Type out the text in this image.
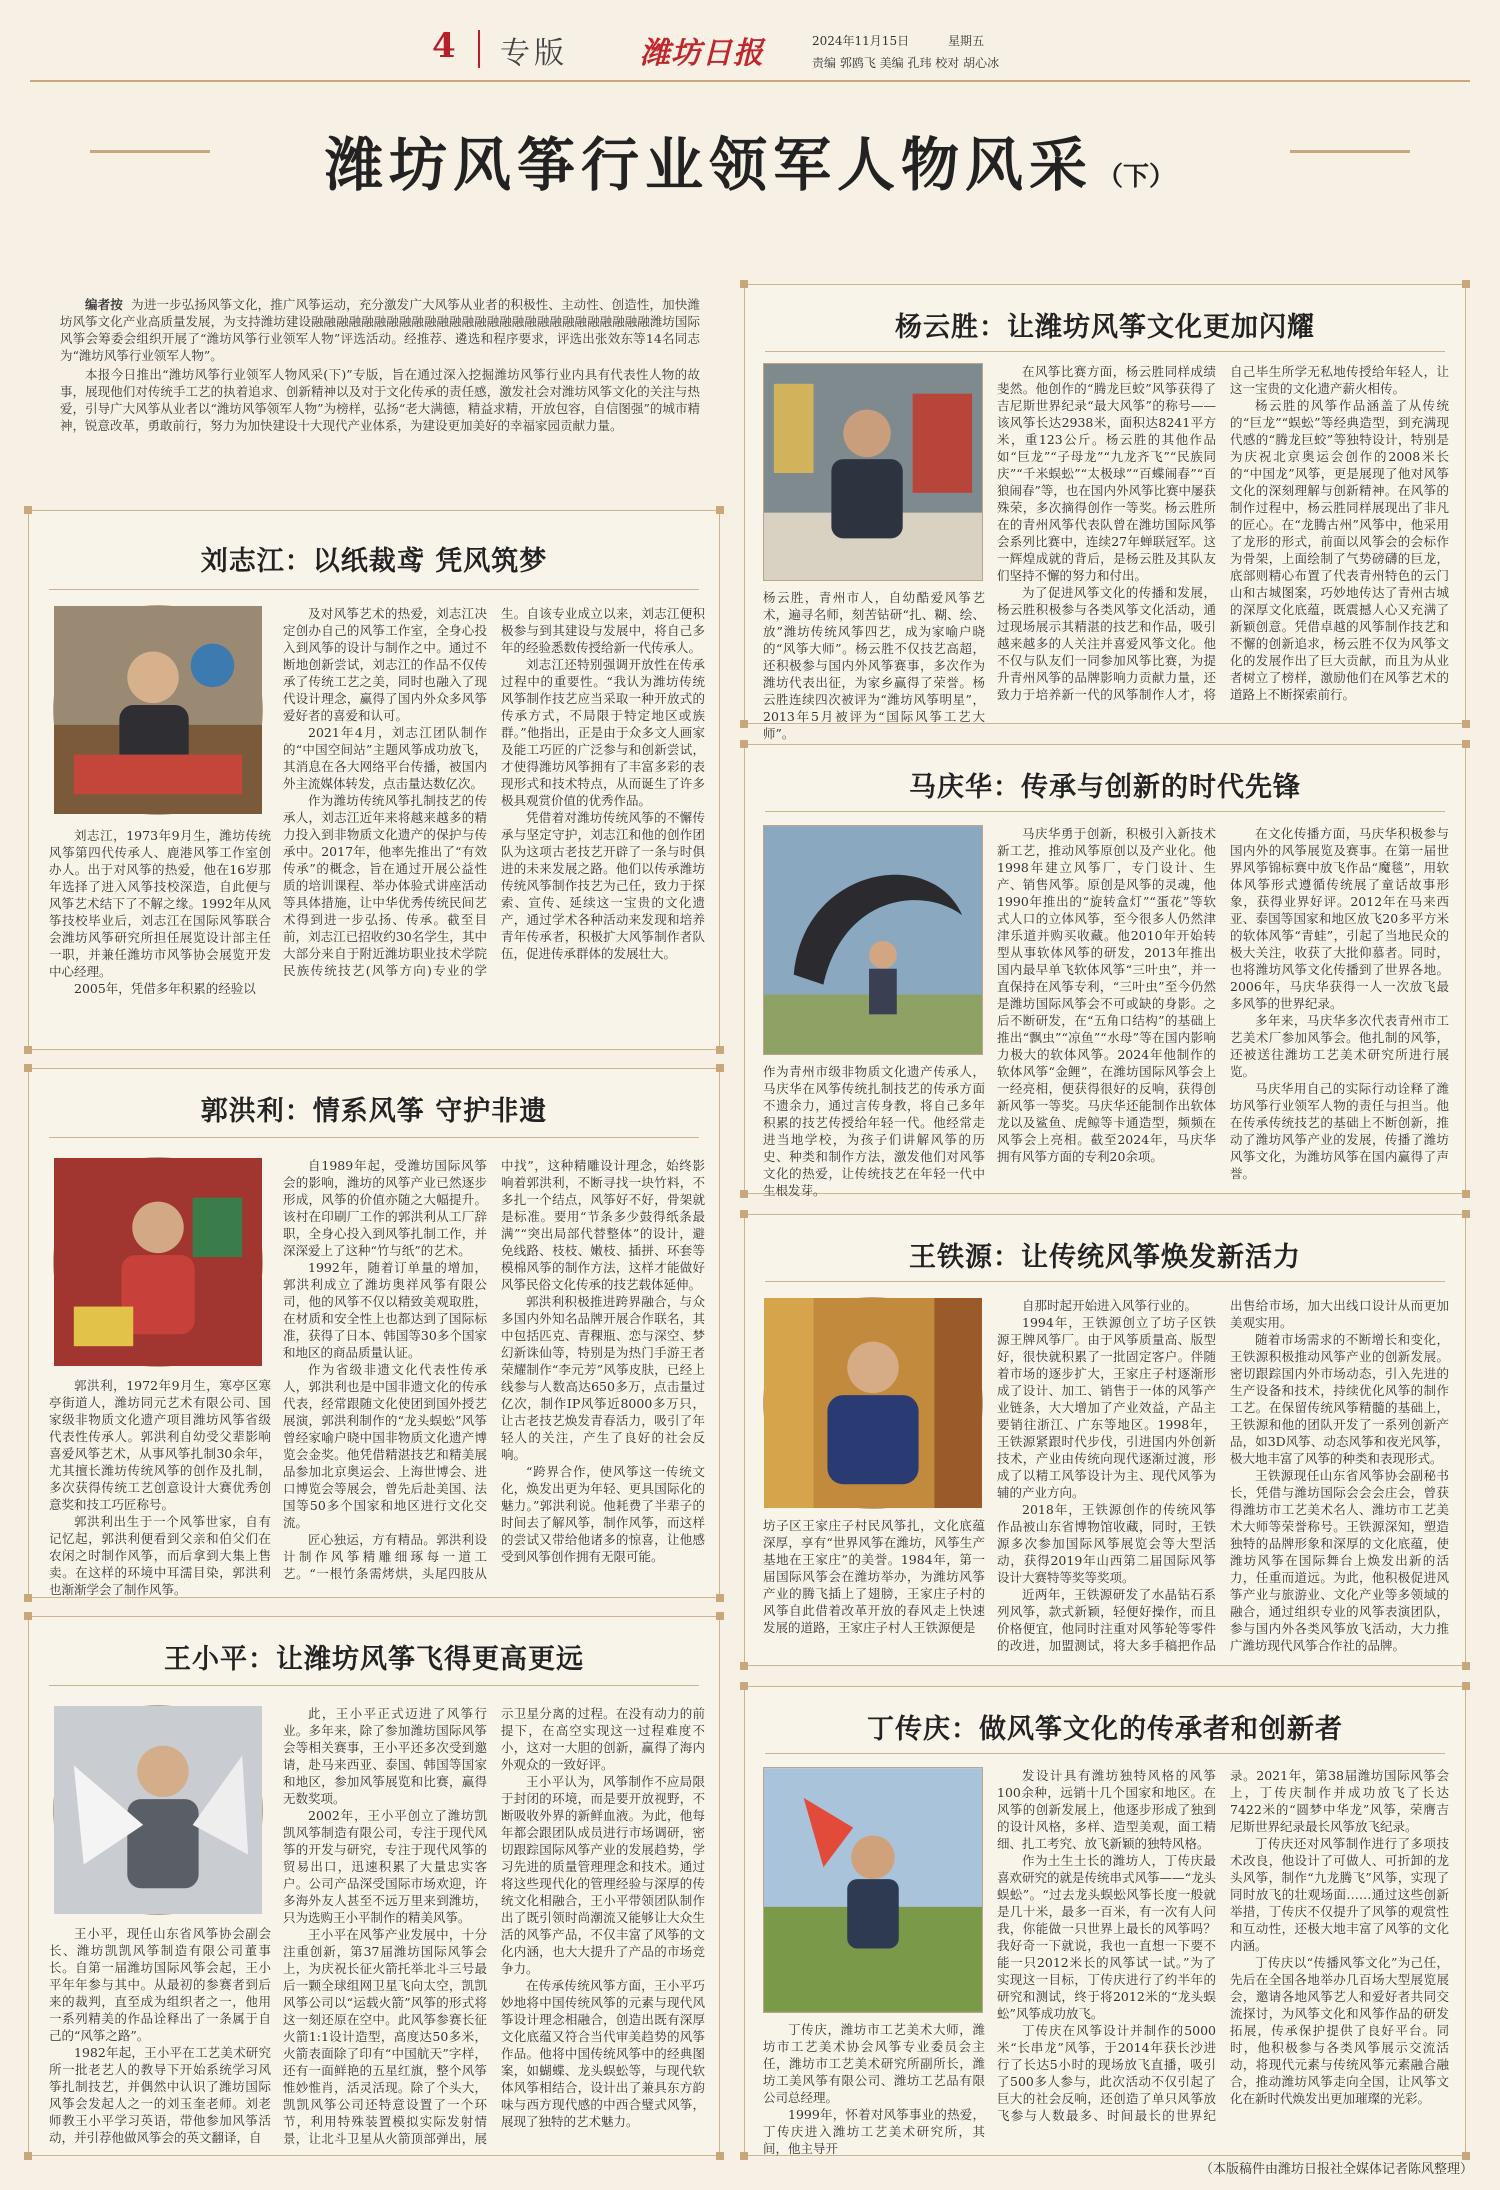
4 专版 潍坊日报	2024年11月15日	星期五
责编 郭鸥飞 美编 孔玮 校对 胡心冰
潍坊风筝行业领军人物风采 （下）

编者按 为进一步弘扬风筝文化，推广风筝运动，充分激发广大风筝从业者的积极性、主动性、创造性，加快潍坊风筝文化产业高质量发展，为支持潍坊建设融融融融融融融融融融融融融融融融融融融融融融融融融融融潍坊国际风筝会筹委会组织开展了“潍坊风筝行业领军人物”评选活动。经推荐、遴选和程序要求，评选出张效东等14名同志为“潍坊风筝行业领军人物”。

本报今日推出“潍坊风筝行业领军人物风采(下)”专版，旨在通过深入挖掘潍坊风筝行业内具有代表性人物的故事，展现他们对传统手工艺的执着追求、创新精神以及对于文化传承的责任感，激发社会对潍坊风筝文化的关注与热爱，引导广大风筝从业者以“潍坊风筝领军人物”为榜样，弘扬“老大满德，精益求精，开放包容，自信图强”的城市精神，锐意改革，勇敢前行，努力为加快建设十大现代产业体系，为建设更加美好的幸福家园贡献力量。

刘志江：以纸裁鸢 凭风筑梦

刘志江，1973年9月生，潍坊传统风筝第四代传承人、鹿港风筝工作室创办人。出于对风筝的热爱，他在16岁那年选择了进入风筝技校深造，自此便与风筝艺术结下了不解之缘。1992年从风筝技校毕业后，刘志江在国际风筝联合会潍坊风筝研究所担任展览设计部主任一职，并兼任潍坊市风筝协会展览开发中心经理。

2005年，凭借多年积累的经验以

及对风筝艺术的热爱，刘志江决定创办自己的风筝工作室，全身心投入到风筝的设计与制作之中。通过不断地创新尝试，刘志江的作品不仅传承了传统工艺之美，同时也融入了现代设计理念，赢得了国内外众多风筝爱好者的喜爱和认可。

2021年4月，刘志江团队制作的“中国空间站”主题风筝成功放飞，其消息在各大网络平台传播，被国内外主流媒体转发，点击量达数亿次。

作为潍坊传统风筝扎制技艺的传承人，刘志江近年来将越来越多的精力投入到非物质文化遗产的保护与传承中。2017年，他率先推出了“有效传承”的概念，旨在通过开展公益性质的培训课程、举办体验式讲座活动等具体措施，让中华优秀传统民间艺术得到进一步弘扬、传承。截至目前，刘志江已招收约30名学生，其中大部分来自于附近潍坊职业技术学院民族传统技艺(风筝方向)专业的学生。自该专业成立以来，刘志江便积极参与到其建设与发展中，将自己多年的经验悉数传授给新一代传承人。

刘志江还特别强调开放性在传承过程中的重要性。“我认为潍坊传统风筝制作技艺应当采取一种开放式的传承方式，不局限于特定地区或族群。”他指出，正是由于众多文人画家及能工巧匠的广泛参与和创新尝试，才使得潍坊风筝拥有了丰富多彩的表现形式和技术特点，从而诞生了许多极具观赏价值的优秀作品。

凭借着对潍坊传统风筝的不懈传承与坚定守护，刘志江和他的创作团队为这项古老技艺开辟了一条与时俱进的未来发展之路。他们以传承潍坊传统风筝制作技艺为己任，致力于探索、宣传、延续这一宝贵的文化遗产，通过学术各种活动来发现和培养青年传承者，积极扩大风筝制作者队伍，促进传承群体的发展壮大。

郭洪利：情系风筝 守护非遗

郭洪利，1972年9月生，寒亭区寒亭街道人，潍坊同元艺术有限公司、国家级非物质文化遗产项目潍坊风筝省级代表性传承人。郭洪利自幼受父辈影响喜爱风筝艺术，从事风筝扎制30余年，尤其擅长潍坊传统风筝的创作及扎制，多次获得传统工艺创意设计大赛优秀创意奖和技工巧匠称号。

郭洪利出生于一个风筝世家，自有记忆起，郭洪利便看到父亲和伯父们在农闲之时制作风筝，而后拿到大集上售卖。在这样的环境中耳濡目染，郭洪利也渐渐学会了制作风筝。

自1989年起，受潍坊国际风筝会的影响，潍坊的风筝产业已然逐步形成，风筝的价值亦随之大幅提升。该村在印刷厂工作的郭洪利从工厂辞职，全身心投入到风筝扎制工作，并深深爱上了这种“竹与纸”的艺术。

1992年，随着订单量的增加，郭洪利成立了潍坊奥祥风筝有限公司，他的风筝不仅以精致美观取胜，在材质和安全性上也都达到了国际标准，获得了日本、韩国等30多个国家和地区的商品质量认证。

作为省级非遗文化代表性传承人，郭洪利也是中国非遗文化的传承代表，经常跟随文化使团到国外授艺展演，郭洪利制作的“龙头蜈蚣”风筝曾经家喻户晓中国非物质文化遗产博览会金奖。他凭借精湛技艺和精美展品参加北京奥运会、上海世博会、进口博览会等展会，曾先后赴美国、法国等50多个国家和地区进行文化交流。

匠心独运，方有精品。郭洪利设计制作风筝精雕细琢每一道工艺。“一根竹条需烤烘，头尾四肢从中找”，这种精雕设计理念，始终影响着郭洪利，不断寻找一块竹料，不多扎一个结点，风筝好不好，骨架就是标准。要用“节条多少鼓得纸条最满”“突出局部代替整体”的设计，避免线路、枝枝、嫩枝、插拼、环套等模棉风筝的制作方法，这样才能做好风筝民俗文化传承的技艺载体延伸。

郭洪利积极推进跨界融合，与众多国内外知名品牌开展合作联名，其中包括匹克、青稞瓶、恋与深空、梦幻新诛仙等，特别是为热门手游王者荣耀制作“李元芳”风筝皮肤，已经上线参与人数高达650多万，点击量过亿次，制作IP风筝近8000多万只，让古老技艺焕发青春活力，吸引了年轻人的关注，产生了良好的社会反响。

“跨界合作，使风筝这一传统文化，焕发出更为年轻、更具国际化的魅力。”郭洪利说。他耗费了半辈子的时间去了解风筝，制作风筝，而这样的尝试又带给他诸多的惊喜，让他感受到风筝创作拥有无限可能。

王小平：让潍坊风筝飞得更高更远

王小平，现任山东省风筝协会副会长、潍坊凯凯风筝制造有限公司董事长。自第一届潍坊国际风筝会起，王小平年年参与其中。从最初的参赛者到后来的裁判，直至成为组织者之一，他用一系列精美的作品诠释出了一条属于自己的“风筝之路”。

1982年起，王小平在工艺美术研究所一批老艺人的教导下开始系统学习风筝扎制技艺，并偶然中认识了潍坊国际风筝会发起人之一的刘玉奎老师。刘老师教王小平学习英语，带他参加风筝活动，并引荐他做风筝会的英文翻译，自

此，王小平正式迈进了风筝行业。多年来，除了参加潍坊国际风筝会等相关赛事，王小平还多次受到邀请，赴马来西亚、泰国、韩国等国家和地区，参加风筝展览和比赛，赢得无数奖项。

2002年，王小平创立了潍坊凯凯风筝制造有限公司，专注于现代风筝的开发与研究，专注于现代风筝的贸易出口，迅速积累了大量忠实客户。公司产品深受国际市场欢迎，许多海外友人甚至不远万里来到潍坊，只为选购王小平制作的精美风筝。

王小平在风筝产业发展中，十分注重创新，第37届潍坊国际风筝会上，为庆祝长征火箭托举北斗三号最后一颗全球组网卫星飞向太空，凯凯风筝公司以“运载火箭”风筝的形式将这一刻还原在空中。此风筝参赛长征火箭1:1设计造型，高度达50多米，火箭表面除了印有“中国航天”字样，还有一面鲜艳的五星红旗，整个风筝惟妙惟肖，活灵活现。除了个头大，凯凯风筝公司还特意设置了一个环节，利用特殊装置模拟实际发射情景，让北斗卫星从火箭顶部弹出，展示卫星分离的过程。在没有动力的前提下，在高空实现这一过程难度不小，这对一大胆的创新，赢得了海内外观众的一致好评。

王小平认为，风筝制作不应局限于封闭的环境，而是要开放视野，不断吸收外界的新鲜血液。为此，他每年都会跟团队成员进行市场调研，密切跟踪国际风筝产业的发展趋势，学习先进的质量管理理念和技术。通过将这些现代化的管理经验与深厚的传统文化相融合，王小平带领团队制作出了既引领时尚潮流又能够让大众生活的风筝产品，不仅丰富了风筝的文化内涵，也大大提升了产品的市场竞争力。

在传承传统风筝方面，王小平巧妙地将中国传统风筝的元素与现代风筝设计理念相融合，创造出既有深厚文化底蕴又符合当代审美趋势的风筝作品。他将中国传统风筝中的经典图案，如蝴蝶、龙头蜈蚣等，与现代软体风筝相结合，设计出了兼具东方韵味与西方现代感的中西合璧式风筝，展现了独特的艺术魅力。

杨云胜：让潍坊风筝文化更加闪耀
杨云胜，青州市人，自幼酷爱风筝艺术，遍寻名师，刻苦钻研“扎、糊、绘、放”潍坊传统风筝四艺，成为家喻户晓的“风筝大师”。杨云胜不仅技艺高超，还积极参与国内外风筝赛事，多次作为潍坊代表出征，为家乡赢得了荣誉。杨云胜连续四次被评为“潍坊风筝明星”，2013年5月被评为“国际风筝工艺大师”。

在风筝比赛方面，杨云胜同样成绩斐然。他创作的“腾龙巨蛟”风筝获得了吉尼斯世界纪录“最大风筝”的称号——该风筝长达2938米，面积达8241平方米，重123公斤。杨云胜的其他作品如“巨龙”“子母龙”“九龙齐飞”“民族同庆”“千米蜈蚣”“太极球”“百蝶闹春”“百狼闹春”等，也在国内外风筝比赛中屡获殊荣，多次摘得创作一等奖。杨云胜所在的青州风筝代表队曾在潍坊国际风筝会系列比赛中，连续27年蝉联冠军。这一辉煌成就的背后，是杨云胜及其队友们坚持不懈的努力和付出。

为了促进风筝文化的传播和发展，杨云胜积极参与各类风筝文化活动，通过现场展示其精湛的技艺和作品，吸引越来越多的人关注并喜爱风筝文化。他不仅与队友们一同参加风筝比赛，为提升青州风筝的品牌影响力贡献力量，还致力于培养新一代的风筝制作人才，将自己毕生所学无私地传授给年轻人，让这一宝贵的文化遗产薪火相传。

杨云胜的风筝作品涵盖了从传统的“巨龙”“蜈蚣”等经典造型，到充满现代感的“腾龙巨蛟”等独特设计，特别是为庆祝北京奥运会创作的2008米长的“中国龙”风筝，更是展现了他对风筝文化的深刻理解与创新精神。在风筝的制作过程中，杨云胜同样展现出了非凡的匠心。在“龙腾古州”风筝中，他采用了龙形的形式，前面以风筝会的会标作为骨架，上面绘制了气势磅礴的巨龙，底部则精心布置了代表青州特色的云门山和古城图案，巧妙地传达了青州古城的深厚文化底蕴，既震撼人心又充满了新颖创意。凭借卓越的风筝制作技艺和不懈的创新追求，杨云胜不仅为风筝文化的发展作出了巨大贡献，而且为从业者树立了榜样，激励他们在风筝艺术的道路上不断探索前行。

马庆华：传承与创新的时代先锋
作为青州市级非物质文化遗产传承人，马庆华在风筝传统扎制技艺的传承方面不遗余力，通过言传身教，将自己多年积累的技艺传授给年轻一代。他经常走进当地学校，为孩子们讲解风筝的历史、种类和制作方法，激发他们对风筝文化的热爱，让传统技艺在年轻一代中生根发芽。

马庆华勇于创新，积极引入新技术新工艺，推动风筝原创以及产业化。他1998年建立风筝厂，专门设计、生产、销售风筝。原创是风筝的灵魂，他1990年推出的“旋转盒灯”“蛋花”等软式人口的立体风筝，至今很多人仍然津津乐道并购买收藏。他2010年开始转型从事软体风筝的研发，2013年推出国内最早单飞软体风筝“三叶虫”，并一直保持在风筝专利，“三叶虫”至今仍然是潍坊国际风筝会不可或缺的身影。之后不断研发，在“五角口结构”的基础上推出“飘虫”“凉鱼”“水母”等在国内影响力极大的软体风筝。2024年他制作的软体风筝“金鲤”，在潍坊国际风筝会上一经亮相，便获得很好的反响，获得创新风筝一等奖。马庆华还能制作出软体龙以及鲨鱼、虎鲸等卡通造型，频频在风筝会上亮相。截至2024年，马庆华拥有风筝方面的专利20余项。

在文化传播方面，马庆华积极参与国内外的风筝展览及赛事。在第一届世界风筝锦标赛中放飞作品“魔毯”，用软体风筝形式遵循传统展了童话故事形象，获得业界好评。2012年在马来西亚、泰国等国家和地区放飞20多平方米的软体风筝“青蛙”，引起了当地民众的极大关注，收获了大批仰慕者。同时，也将潍坊风筝文化传播到了世界各地。2006年，马庆华获得一人一次放飞最多风筝的世界纪录。

多年来，马庆华多次代表青州市工艺美术厂参加风筝会。他扎制的风筝，还被送往潍坊工艺美术研究所进行展览。

马庆华用自己的实际行动诠释了潍坊风筝行业领军人物的责任与担当。他在传承传统技艺的基础上不断创新，推动了潍坊风筝产业的发展，传播了潍坊风筝文化，为潍坊风筝在国内赢得了声誉。

王铁源：让传统风筝焕发新活力
坊子区王家庄子村民风筝扎，文化底蕴深厚，享有“世界风筝在潍坊，风筝生产基地在王家庄”的美誉。1984年，第一届国际风筝会在潍坊举办，为潍坊风筝产业的腾飞插上了翅膀，王家庄子村的风筝自此借着改革开放的春风走上快速发展的道路，王家庄子村人王铁源便是

自那时起开始进入风筝行业的。

1994年，王铁源创立了坊子区铁源王牌风筝厂。由于风筝质量高、版型好，很快就积累了一批固定客户。伴随着市场的逐步扩大，王家庄子村逐渐形成了设计、加工、销售于一体的风筝产业链条，大大增加了产业效益，产品主要销往浙江、广东等地区。1998年，王铁源紧跟时代步伐，引进国内外创新技术，产业由传统向现代逐渐过渡，形成了以精工风筝设计为主、现代风筝为辅的产业方向。

2018年，王铁源创作的传统风筝作品被山东省博物馆收藏，同时，王铁源多次参加国际风筝展览会等大型活动，获得2019年山西第二届国际风筝设计大赛特等奖等奖项。

近两年，王铁源研发了水晶钻石系列风筝，款式新颖，轻便好操作，而且价格便宜，他同时注重对风筝轮等零件的改进，加盟测试，将大多手稿把作品出售给市场，加大出线口设计从而更加美观实用。

随着市场需求的不断增长和变化，王铁源积极推动风筝产业的创新发展。密切跟踪国内外市场动态，引入先进的生产设备和技术，持续优化风筝的制作工艺。在保留传统风筝精髓的基础上，王铁源和他的团队开发了一系列创新产品，如3D风筝、动态风筝和夜光风筝，极大地丰富了风筝的种类和表现形式。

王铁源现任山东省风筝协会副秘书长，凭借与潍坊国际会会会庄会，曾获得潍坊市工艺美术名人、潍坊市工艺美术大师等荣誉称号。王铁源深知，塑造独特的品牌形象和深厚的文化底蕴，使潍坊风筝在国际舞台上焕发出新的活力，任重而道远。为此，他积极促进风筝产业与旅游业、文化产业等多领域的融合，通过组织专业的风筝表演团队，参与国内外各类风筝放飞活动，大力推广潍坊现代风筝合作社的品牌。

丁传庆：做风筝文化的传承者和创新者

丁传庆，潍坊市工艺美术大师，潍坊市工艺美术协会风筝专业委员会主任，潍坊市工艺美术研究所副所长，潍坊工美风筝有限公司、潍坊工艺品有限公司总经理。

1999年，怀着对风筝事业的热爱，丁传庆进入潍坊工艺美术研究所，其间，他主导开

发设计具有潍坊独特风格的风筝100余种，远销十几个国家和地区。在风筝的创新发展上，他逐步形成了独到的设计风格，多样、造型美观，面工精细、扎工考究、放飞新颖的独特风格。

作为土生土长的潍坊人，丁传庆最喜欢研究的就是传统串式风筝——“龙头蜈蚣”。“过去龙头蜈蚣风筝长度一般就是几十米，最多一百米，有一次有人问我，你能做一只世界上最长的风筝吗？我好奇一下就说，我也一直想一下要不能一只2012米长的风筝试一试。”为了实现这一目标，丁传庆进行了约半年的研究和测试，终于将2012米的“龙头蜈蚣”风筝成功放飞。

丁传庆在风筝设计并制作的5000米“长串龙”风筝，于2014年获长沙进行了长达5小时的现场放飞直播，吸引了500多人参与，此次活动不仅引起了巨大的社会反响，还创造了单只风筝放飞参与人数最多、时间最长的世界纪录。2021年，第38届潍坊国际风筝会上，丁传庆制作并成功放飞了长达7422米的“圆梦中华龙”风筝，荣膺吉尼斯世界纪录最长风筝放飞纪录。

丁传庆还对风筝制作进行了多项技术改良，他设计了可做人、可折卸的龙头风筝，制作“九龙腾飞”风筝，实现了同时放飞的壮观场面……通过这些创新举措，丁传庆不仅提升了风筝的观赏性和互动性，还极大地丰富了风筝的文化内涵。

丁传庆以“传播风筝文化”为己任，先后在全国各地举办几百场大型展览展会，邀请各地风筝艺人和爱好者共同交流探讨，为风筝文化和风筝作品的研发拓展，传承保护提供了良好平台。同时，他积极参与各类风筝展示交流活动，将现代元素与传统风筝元素融合融合，推动潍坊风筝走向全国，让风筝文化在新时代焕发出更加璀璨的光彩。

（本版稿件由潍坊日报社全媒体记者陈风整理）
